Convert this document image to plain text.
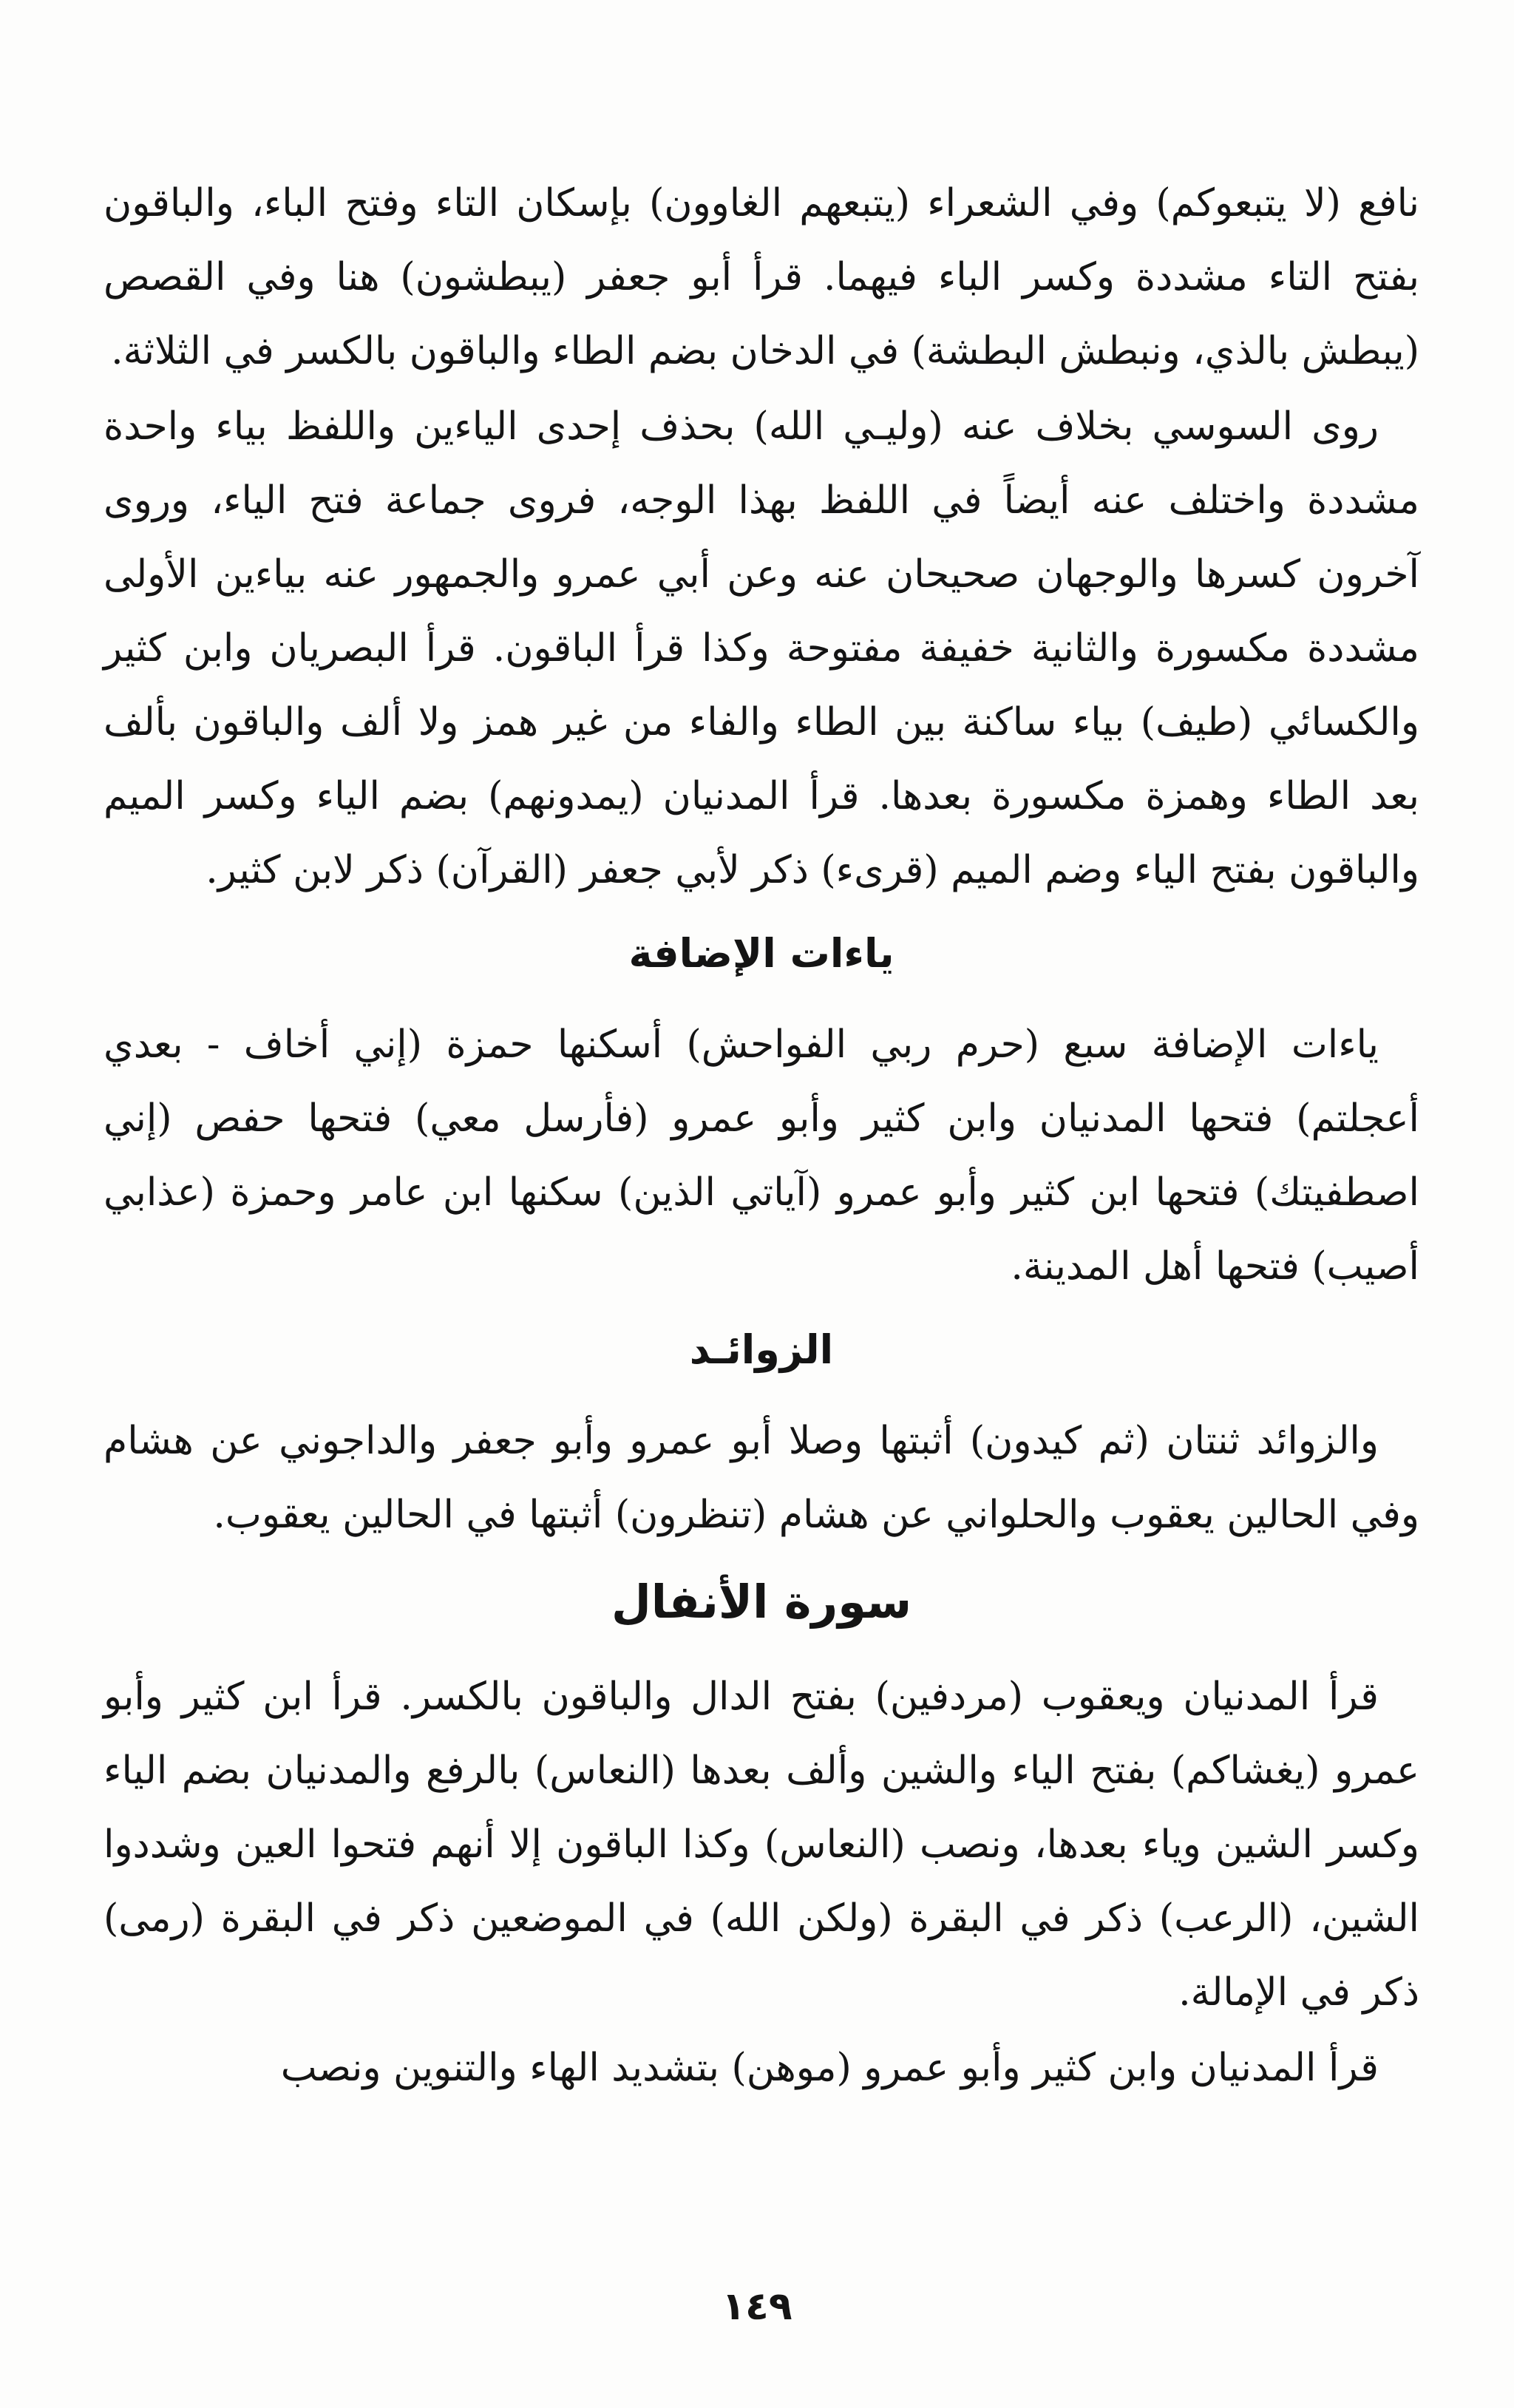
نافع (لا يتبعوكم) وفي الشعراء (يتبعهم الغاوون) بإسكان التاء وفتح الباء، والباقون بفتح التاء مشددة وكسر الباء فيهما. قرأ أبو جعفر (يبطشون) هنا وفي القصص (يبطش بالذي، ونبطش البطشة) في الدخان بضم الطاء والباقون بالكسر في الثلاثة.

روى السوسي بخلاف عنه (وليـي الله) بحذف إحدى الياءين واللفظ بياء واحدة مشددة واختلف عنه أيضاً في اللفظ بهذا الوجه، فروى جماعة فتح الياء، وروى آخرون كسرها والوجهان صحيحان عنه وعن أبي عمرو والجمهور عنه بياءين الأولى مشددة مكسورة والثانية خفيفة مفتوحة وكذا قرأ الباقون. قرأ البصريان وابن كثير والكسائي (طيف) بياء ساكنة بين الطاء والفاء من غير همز ولا ألف والباقون بألف بعد الطاء وهمزة مكسورة بعدها. قرأ المدنيان (يمدونهم) بضم الياء وكسر الميم والباقون بفتح الياء وضم الميم (قرىء) ذكر لأبي جعفر (القرآن) ذكر لابن كثير.

ياءات الإضافة

ياءات الإضافة سبع (حرم ربي الفواحش) أسكنها حمزة (إني أخاف - بعدي أعجلتم) فتحها المدنيان وابن كثير وأبو عمرو (فأرسل معي) فتحها حفص (إني اصطفيتك) فتحها ابن كثير وأبو عمرو (آياتي الذين) سكنها ابن عامر وحمزة (عذابي أصيب) فتحها أهل المدينة.

الزوائـد

والزوائد ثنتان (ثم كيدون) أثبتها وصلا أبو عمرو وأبو جعفر والداجوني عن هشام وفي الحالين يعقوب والحلواني عن هشام (تنظرون) أثبتها في الحالين يعقوب.

سورة الأنفال

قرأ المدنيان ويعقوب (مردفين) بفتح الدال والباقون بالكسر. قرأ ابن كثير وأبو عمرو (يغشاكم) بفتح الياء والشين وألف بعدها (النعاس) بالرفع والمدنيان بضم الياء وكسر الشين وياء بعدها، ونصب (النعاس) وكذا الباقون إلا أنهم فتحوا العين وشددوا الشين، (الرعب) ذكر في البقرة (ولكن الله) في الموضعين ذكر في البقرة (رمى) ذكر في الإمالة.

قرأ المدنيان وابن كثير وأبو عمرو (موهن) بتشديد الهاء والتنوين ونصب

١٤٩
